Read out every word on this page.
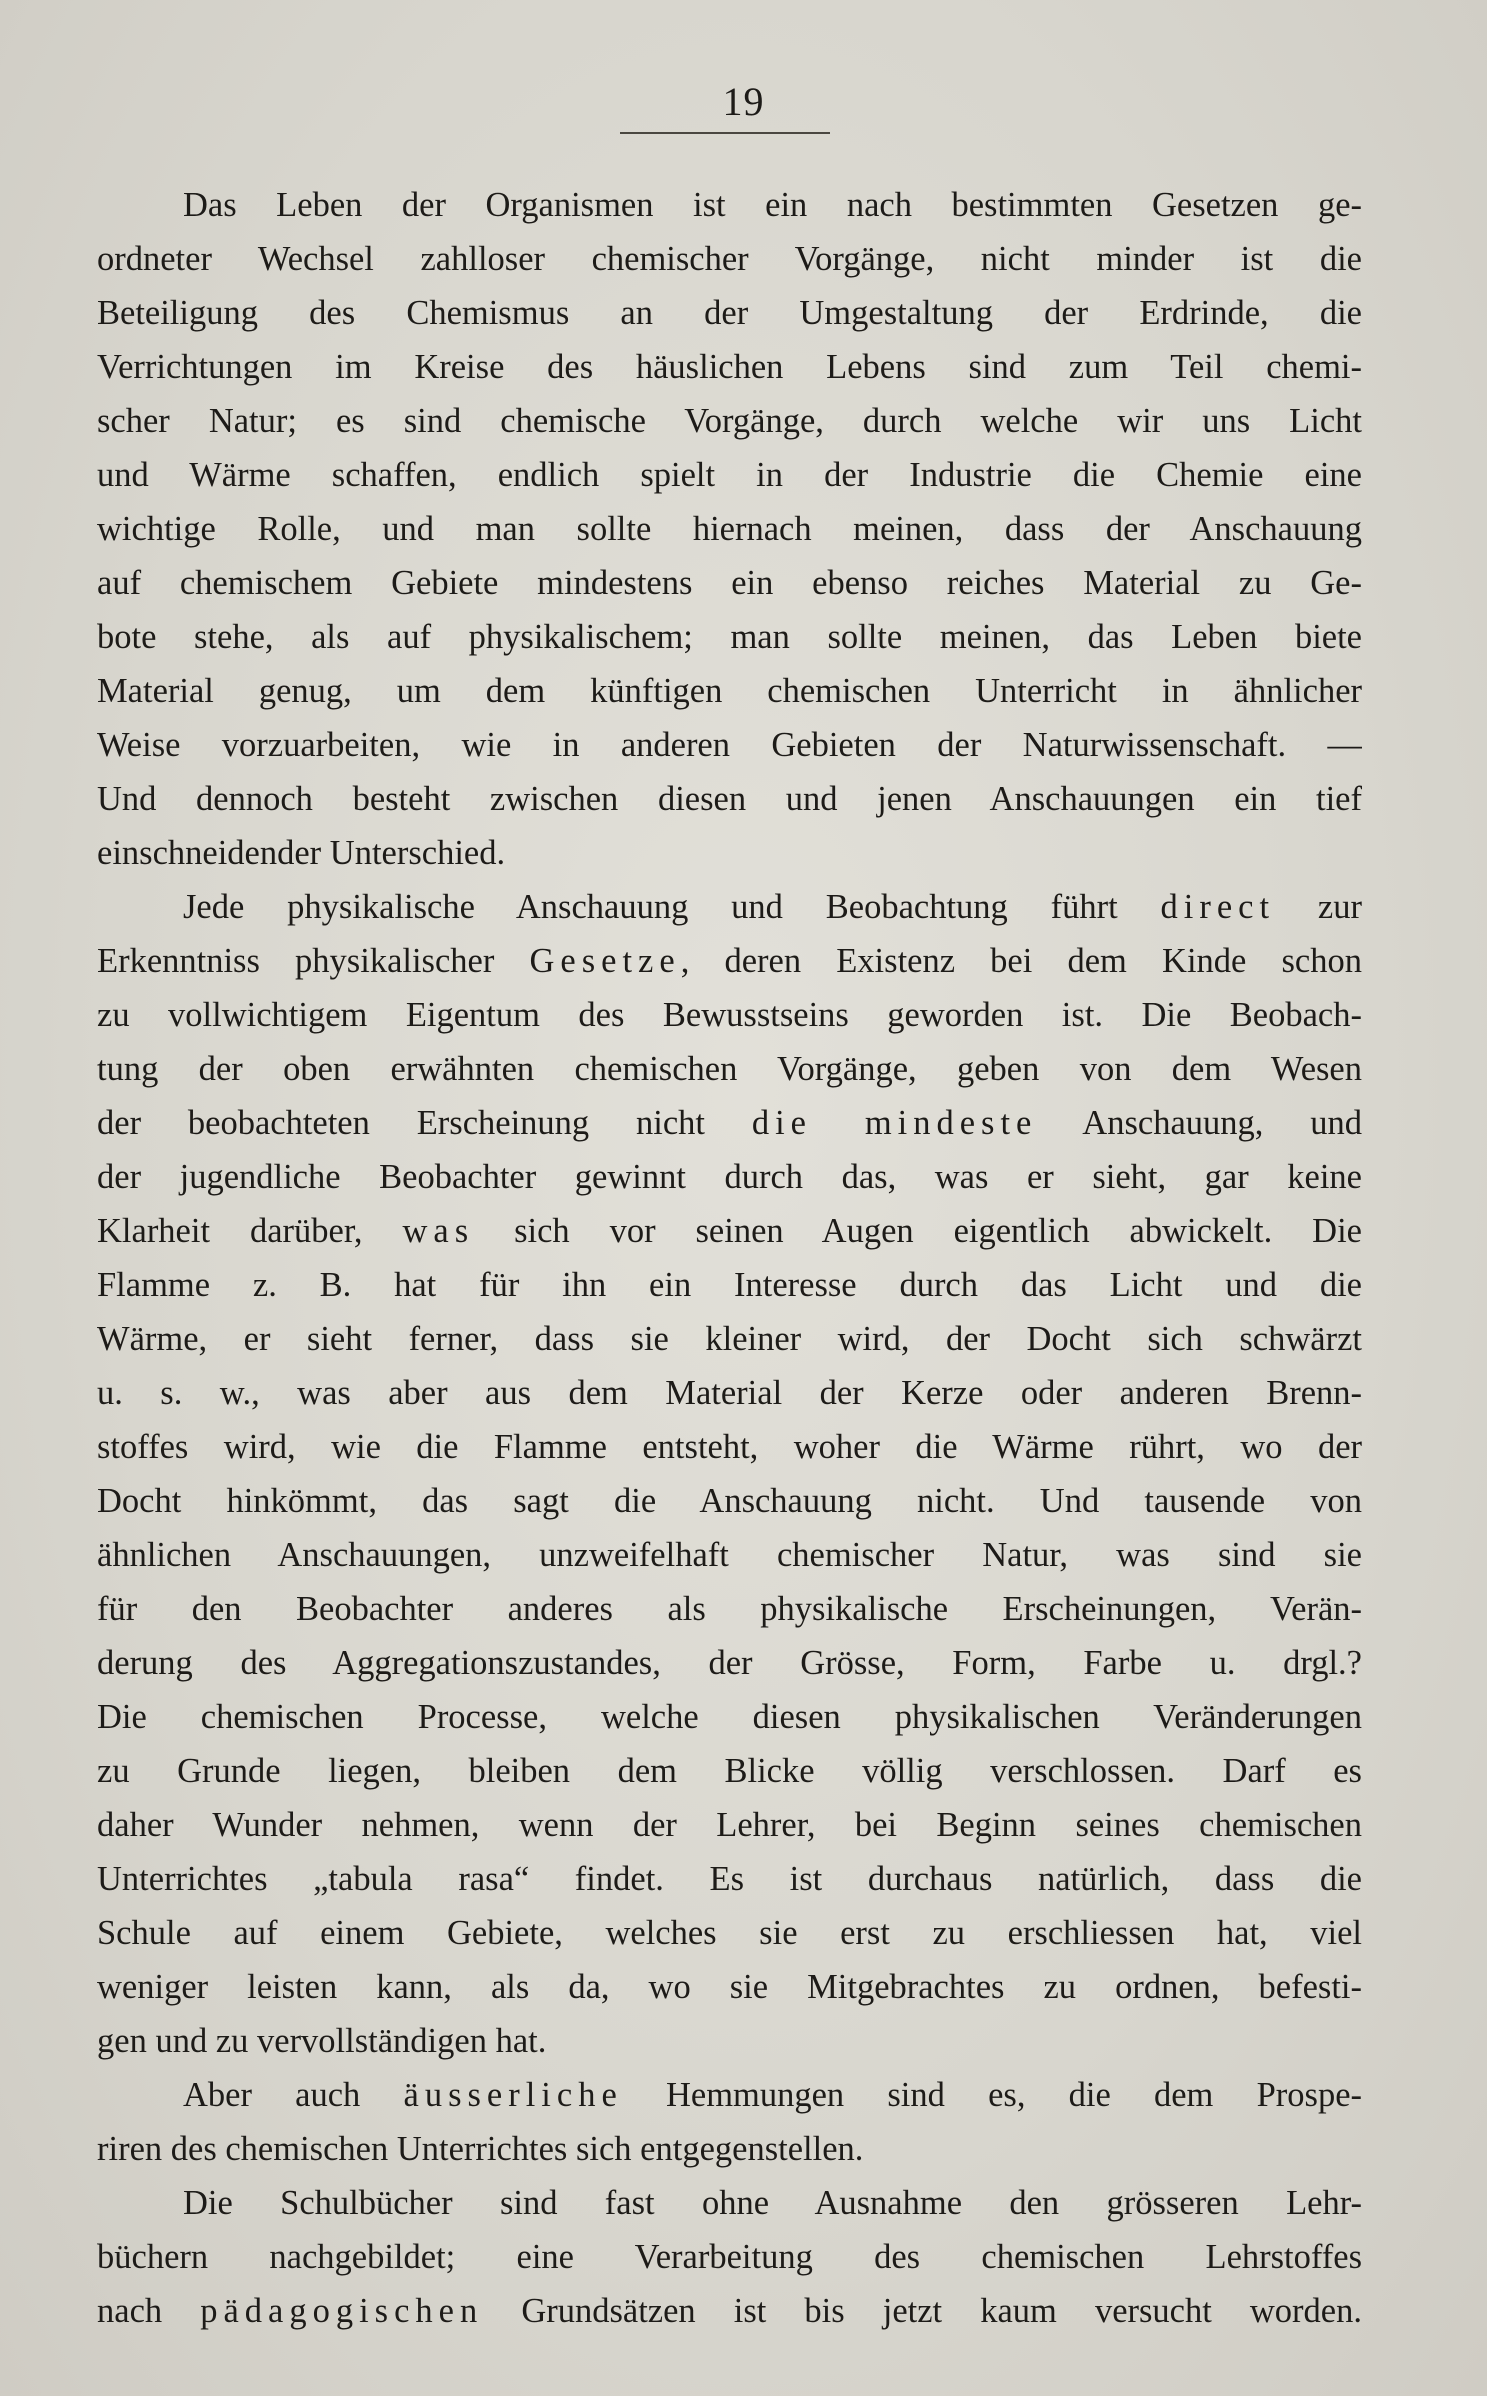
19
Das Leben der Organismen ist ein nach bestimmten Gesetzen ge-
ordneter Wechsel zahlloser chemischer Vorgänge, nicht minder ist die
Beteiligung des Chemismus an der Umgestaltung der Erdrinde, die
Verrichtungen im Kreise des häuslichen Lebens sind zum Teil chemi-
scher Natur; es sind chemische Vorgänge, durch welche wir uns Licht
und Wärme schaffen, endlich spielt in der Industrie die Chemie eine
wichtige Rolle, und man sollte hiernach meinen, dass der Anschauung
auf chemischem Gebiete mindestens ein ebenso reiches Material zu Ge-
bote stehe, als auf physikalischem; man sollte meinen, das Leben biete
Material genug, um dem künftigen chemischen Unterricht in ähnlicher
Weise vorzuarbeiten, wie in anderen Gebieten der Naturwissenschaft. —
Und dennoch besteht zwischen diesen und jenen Anschauungen ein tief
einschneidender Unterschied.
Jede physikalische Anschauung und Beobachtung führt direct zur
Erkenntniss physikalischer Gesetze, deren Existenz bei dem Kinde schon
zu vollwichtigem Eigentum des Bewusstseins geworden ist. Die Beobach-
tung der oben erwähnten chemischen Vorgänge, geben von dem Wesen
der beobachteten Erscheinung nicht die mindeste Anschauung, und
der jugendliche Beobachter gewinnt durch das, was er sieht, gar keine
Klarheit darüber, was sich vor seinen Augen eigentlich abwickelt. Die
Flamme z. B. hat für ihn ein Interesse durch das Licht und die
Wärme, er sieht ferner, dass sie kleiner wird, der Docht sich schwärzt
u. s. w., was aber aus dem Material der Kerze oder anderen Brenn-
stoffes wird, wie die Flamme entsteht, woher die Wärme rührt, wo der
Docht hinkömmt, das sagt die Anschauung nicht. Und tausende von
ähnlichen Anschauungen, unzweifelhaft chemischer Natur, was sind sie
für den Beobachter anderes als physikalische Erscheinungen, Verän-
derung des Aggregationszustandes, der Grösse, Form, Farbe u. drgl.?
Die chemischen Processe, welche diesen physikalischen Veränderungen
zu Grunde liegen, bleiben dem Blicke völlig verschlossen. Darf es
daher Wunder nehmen, wenn der Lehrer, bei Beginn seines chemischen
Unterrichtes „tabula rasa“ findet. Es ist durchaus natürlich, dass die
Schule auf einem Gebiete, welches sie erst zu erschliessen hat, viel
weniger leisten kann, als da, wo sie Mitgebrachtes zu ordnen, befesti-
gen und zu vervollständigen hat.
Aber auch äusserliche Hemmungen sind es, die dem Prospe-
riren des chemischen Unterrichtes sich entgegenstellen.
Die Schulbücher sind fast ohne Ausnahme den grösseren Lehr-
büchern nachgebildet; eine Verarbeitung des chemischen Lehrstoffes
nach pädagogischen Grundsätzen ist bis jetzt kaum versucht worden.
